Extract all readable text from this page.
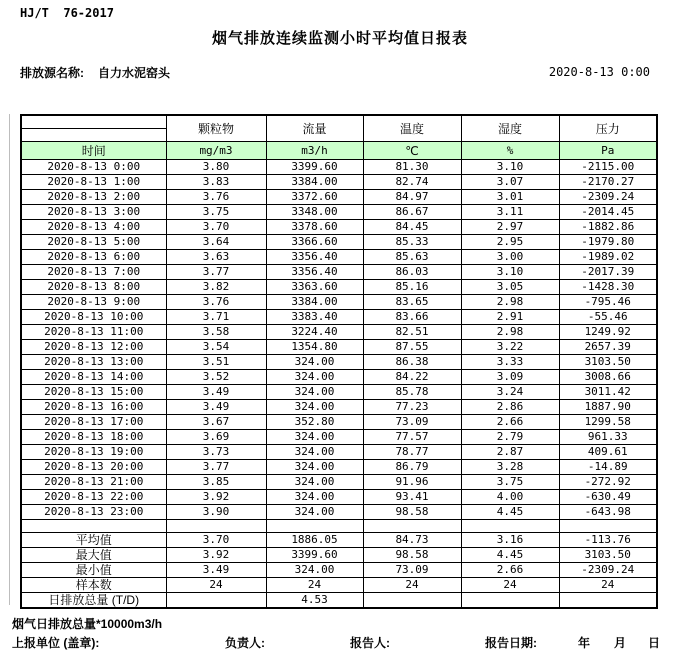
HJ/T  76-2017
烟气排放连续监测小时平均值日报表
排放源名称: 自力水泥窑头	2020-8-13 0:00
	颗粒物	流量	温度	湿度	压力

时间	mg/m3	m3/h	℃	%	Pa
2020-8-13 0:00	3.80	3399.60	81.30	3.10	-2115.00
2020-8-13 1:00	3.83	3384.00	82.74	3.07	-2170.27
2020-8-13 2:00	3.76	3372.60	84.97	3.01	-2309.24
2020-8-13 3:00	3.75	3348.00	86.67	3.11	-2014.45
2020-8-13 4:00	3.70	3378.60	84.45	2.97	-1882.86
2020-8-13 5:00	3.64	3366.60	85.33	2.95	-1979.80
2020-8-13 6:00	3.63	3356.40	85.63	3.00	-1989.02
2020-8-13 7:00	3.77	3356.40	86.03	3.10	-2017.39
2020-8-13 8:00	3.82	3363.60	85.16	3.05	-1428.30
2020-8-13 9:00	3.76	3384.00	83.65	2.98	-795.46
2020-8-13 10:00	3.71	3383.40	83.66	2.91	-55.46
2020-8-13 11:00	3.58	3224.40	82.51	2.98	1249.92
2020-8-13 12:00	3.54	1354.80	87.55	3.22	2657.39
2020-8-13 13:00	3.51	324.00	86.38	3.33	3103.50
2020-8-13 14:00	3.52	324.00	84.22	3.09	3008.66
2020-8-13 15:00	3.49	324.00	85.78	3.24	3011.42
2020-8-13 16:00	3.49	324.00	77.23	2.86	1887.90
2020-8-13 17:00	3.67	352.80	73.09	2.66	1299.58
2020-8-13 18:00	3.69	324.00	77.57	2.79	961.33
2020-8-13 19:00	3.73	324.00	78.77	2.87	409.61
2020-8-13 20:00	3.77	324.00	86.79	3.28	-14.89
2020-8-13 21:00	3.85	324.00	91.96	3.75	-272.92
2020-8-13 22:00	3.92	324.00	93.41	4.00	-630.49
2020-8-13 23:00	3.90	324.00	98.58	4.45	-643.98

平均值	3.70	1886.05	84.73	3.16	-113.76
最大值	3.92	3399.60	98.58	4.45	3103.50
最小值	3.49	324.00	73.09	2.66	-2309.24
样本数	24	24	24	24	24
日排放总量 (T/D)		4.53			
烟气日排放总量*10000m3/h
上报单位 (盖章):	负责人:	报告人:	报告日期:	年 月 日
